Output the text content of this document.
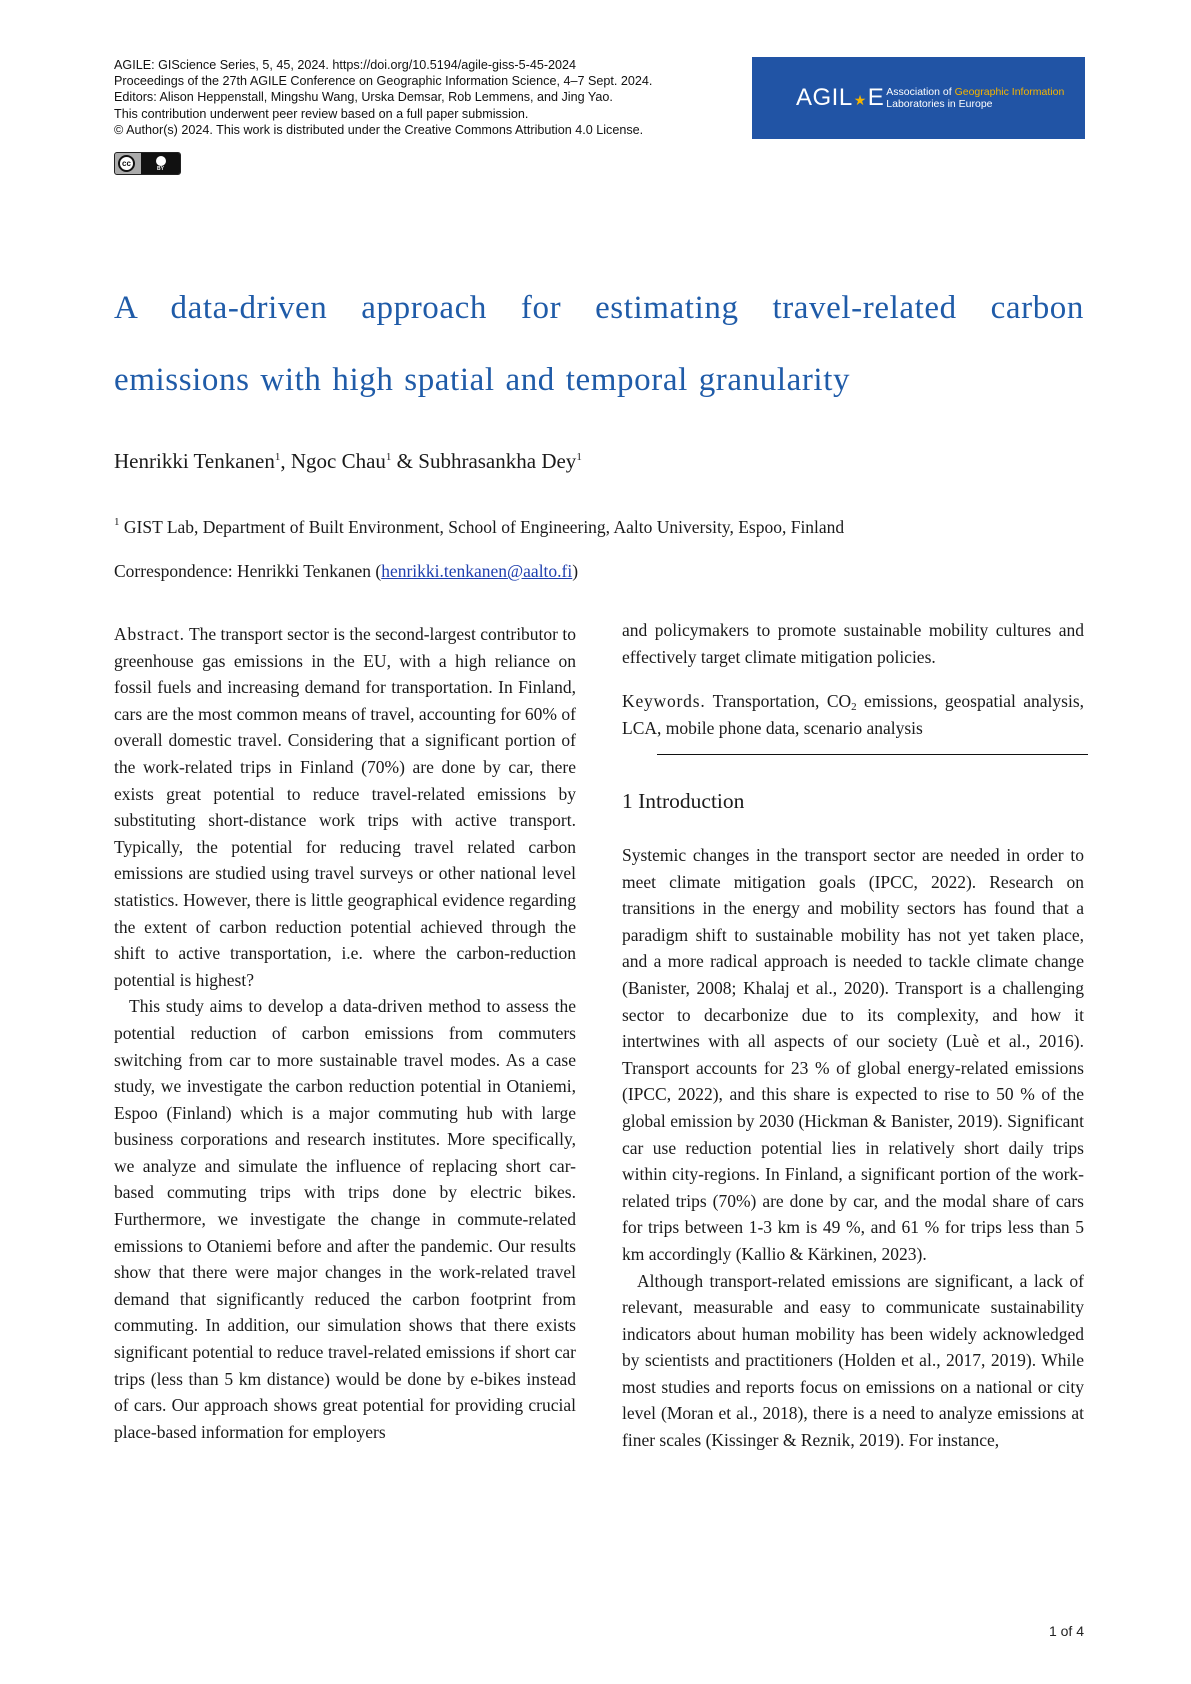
AGILE: GIScience Series, 5, 45, 2024. https://doi.org/10.5194/agile-giss-5-45-2024
Proceedings of the 27th AGILE Conference on Geographic Information Science, 4–7 Sept. 2024.
Editors: Alison Heppenstall, Mingshu Wang, Urska Demsar, Rob Lemmens, and Jing Yao.
This contribution underwent peer review based on a full paper submission.
© Author(s) 2024. This work is distributed under the Creative Commons Attribution 4.0 License.
cc
BY
AGIL★E Association of Geographic Information
Laboratories in Europe
A data-driven approach for estimating travel-related carbon emissions with high spatial and temporal granularity
Henrikki Tenkanen$^1$, Ngoc Chau$^1$ & Subhrasankha Dey$^1$
$^1$ GIST Lab, Department of Built Environment, School of Engineering, Aalto University, Espoo, Finland
Correspondence: Henrikki Tenkanen (henrikki.tenkanen@aalto.fi)

Abstract. The transport sector is the second-largest contributor to greenhouse gas emissions in the EU, with a high reliance on fossil fuels and increasing demand for transportation. In Finland, cars are the most common means of travel, accounting for 60% of overall domestic travel. Considering that a significant portion of the work-related trips in Finland (70%) are done by car, there exists great potential to reduce travel-related emissions by substituting short-distance work trips with active transport. Typically, the potential for reducing travel related carbon emissions are studied using travel surveys or other national level statistics. However, there is little geographical evidence regarding the extent of carbon reduction potential achieved through the shift to active transportation, i.e. where the carbon-reduction potential is highest?

This study aims to develop a data-driven method to assess the potential reduction of carbon emissions from commuters switching from car to more sustainable travel modes. As a case study, we investigate the carbon reduction potential in Otaniemi, Espoo (Finland) which is a major commuting hub with large business corporations and research institutes. More specifically, we analyze and simulate the influence of replacing short car-based commuting trips with trips done by electric bikes. Furthermore, we investigate the change in commute-related emissions to Otaniemi before and after the pandemic. Our results show that there were major changes in the work-related travel demand that significantly reduced the carbon footprint from commuting. In addition, our simulation shows that there exists significant potential to reduce travel-related emissions if short car trips (less than 5 km distance) would be done by e-bikes instead of cars. Our approach shows great potential for providing crucial place-based information for employers

and policymakers to promote sustainable mobility cultures and effectively target climate mitigation policies.

Keywords. Transportation, $CO_2$ emissions, geospatial analysis, LCA, mobile phone data, scenario analysis

1 Introduction

Systemic changes in the transport sector are needed in order to meet climate mitigation goals (IPCC, 2022). Research on transitions in the energy and mobility sectors has found that a paradigm shift to sustainable mobility has not yet taken place, and a more radical approach is needed to tackle climate change (Banister, 2008; Khalaj et al., 2020). Transport is a challenging sector to decarbonize due to its complexity, and how it intertwines with all aspects of our society (Luè et al., 2016). Transport accounts for 23 % of global energy-related emissions (IPCC, 2022), and this share is expected to rise to 50 % of the global emission by 2030 (Hickman & Banister, 2019). Significant car use reduction potential lies in relatively short daily trips within city-regions. In Finland, a significant portion of the work-related trips (70%) are done by car, and the modal share of cars for trips between 1-3 km is 49 %, and 61 % for trips less than 5 km accordingly (Kallio & Kärkinen, 2023).

Although transport-related emissions are significant, a lack of relevant, measurable and easy to communicate sustainability indicators about human mobility has been widely acknowledged by scientists and practitioners (Holden et al., 2017, 2019). While most studies and reports focus on emissions on a national or city level (Moran et al., 2018), there is a need to analyze emissions at finer scales (Kissinger & Reznik, 2019). For instance,

1 of 4
